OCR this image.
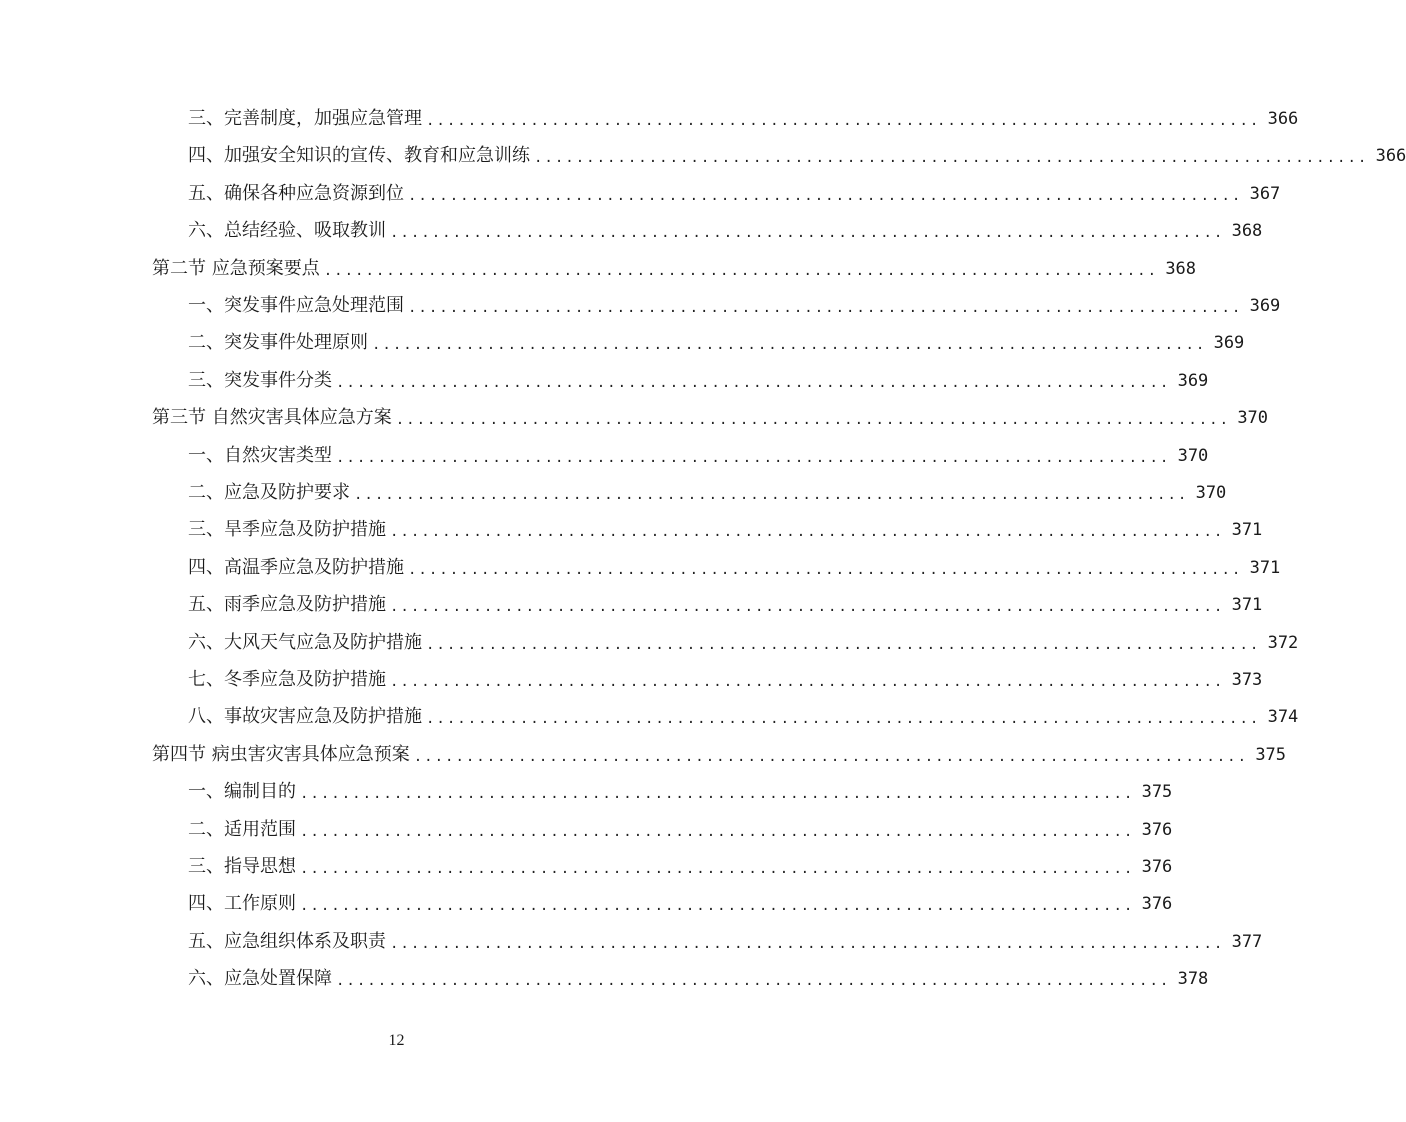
三、完善制度，加强应急管理 ................................................................................ 366
四、加强安全知识的宣传、教育和应急训练 ................................................................................ 366
五、确保各种应急资源到位 ................................................................................ 367
六、总结经验、吸取教训 ................................................................................ 368
第二节 应急预案要点 ................................................................................ 368
一、突发事件应急处理范围 ................................................................................ 369
二、突发事件处理原则 ................................................................................ 369
三、突发事件分类 ................................................................................ 369
第三节 自然灾害具体应急方案 ................................................................................ 370
一、自然灾害类型 ................................................................................ 370
二、应急及防护要求 ................................................................................ 370
三、旱季应急及防护措施 ................................................................................ 371
四、高温季应急及防护措施 ................................................................................ 371
五、雨季应急及防护措施 ................................................................................ 371
六、大风天气应急及防护措施 ................................................................................ 372
七、冬季应急及防护措施 ................................................................................ 373
八、事故灾害应急及防护措施 ................................................................................ 374
第四节 病虫害灾害具体应急预案 ................................................................................ 375
一、编制目的 ................................................................................ 375
二、适用范围 ................................................................................ 376
三、指导思想 ................................................................................ 376
四、工作原则 ................................................................................ 376
五、应急组织体系及职责 ................................................................................ 377
六、应急处置保障 ................................................................................ 378
12
